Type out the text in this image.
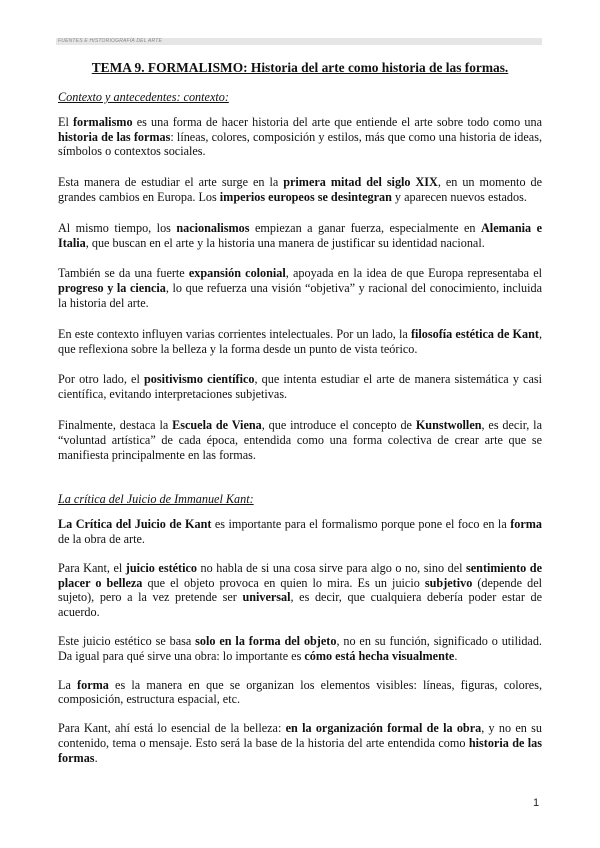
FUENTES E HISTORIOGRAFÍA DEL ARTE
TEMA 9. FORMALISMO: Historia del arte como historia de las formas.
Contexto y antecedentes: contexto:

El formalismo es una forma de hacer historia del arte que entiende el arte sobre todo como una historia de las formas: líneas, colores, composición y estilos, más que como una historia de ideas, símbolos o contextos sociales.

Esta manera de estudiar el arte surge en la primera mitad del siglo XIX, en un momento de grandes cambios en Europa. Los imperios europeos se desintegran y aparecen nuevos estados.

Al mismo tiempo, los nacionalismos empiezan a ganar fuerza, especialmente en Alemania e Italia, que buscan en el arte y la historia una manera de justificar su identidad nacional.

También se da una fuerte expansión colonial, apoyada en la idea de que Europa representaba el progreso y la ciencia, lo que refuerza una visión “objetiva” y racional del conocimiento, incluida la historia del arte.

En este contexto influyen varias corrientes intelectuales. Por un lado, la filosofía estética de Kant, que reflexiona sobre la belleza y la forma desde un punto de vista teórico.

Por otro lado, el positivismo científico, que intenta estudiar el arte de manera sistemática y casi científica, evitando interpretaciones subjetivas.

Finalmente, destaca la Escuela de Viena, que introduce el concepto de Kunstwollen, es decir, la “voluntad artística” de cada época, entendida como una forma colectiva de crear arte que se manifiesta principalmente en las formas.

La crítica del Juicio de Immanuel Kant:

La Crítica del Juicio de Kant es importante para el formalismo porque pone el foco en la forma de la obra de arte.

Para Kant, el juicio estético no habla de si una cosa sirve para algo o no, sino del sentimiento de placer o belleza que el objeto provoca en quien lo mira. Es un juicio subjetivo (depende del sujeto), pero a la vez pretende ser universal, es decir, que cualquiera debería poder estar de acuerdo.

Este juicio estético se basa solo en la forma del objeto, no en su función, significado o utilidad. Da igual para qué sirve una obra: lo importante es cómo está hecha visualmente.

La forma es la manera en que se organizan los elementos visibles: líneas, figuras, colores, composición, estructura espacial, etc.

Para Kant, ahí está lo esencial de la belleza: en la organización formal de la obra, y no en su contenido, tema o mensaje. Esto será la base de la historia del arte entendida como historia de las formas.

1
